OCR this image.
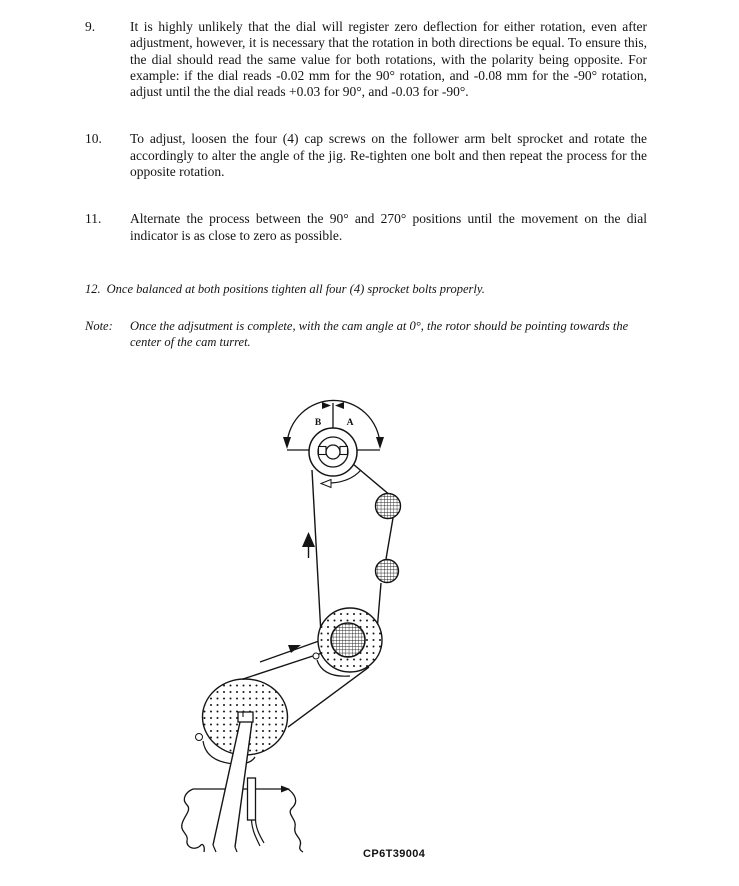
9.	It is highly unlikely that the dial will register zero deflection for either rotation, even after adjustment, however, it is necessary that the rotation in both directions be equal. To ensure this, the dial should read the same value for both rotations, with the polarity being opposite. For example: if the dial reads -0.02 mm for the 90° rotation, and -0.08 mm for the -90° rotation, adjust until the the dial reads +0.03 for 90°, and -0.03 for -90°.
10.	To adjust, loosen the four (4) cap screws on the follower arm belt sprocket and rotate the accordingly to alter the angle of the jig. Re-tighten one bolt and then repeat the process for the opposite rotation.
11.	Alternate the process between the 90° and 270° positions until the movement on the dial indicator is as close to zero as possible.
12. Once balanced at both positions tighten all four (4) sprocket bolts properly.
Note:	Once the adjsutment is complete, with the cam angle at 0°, the rotor should be pointing towards the center of the cam turret.
B	A
CP6T39004
